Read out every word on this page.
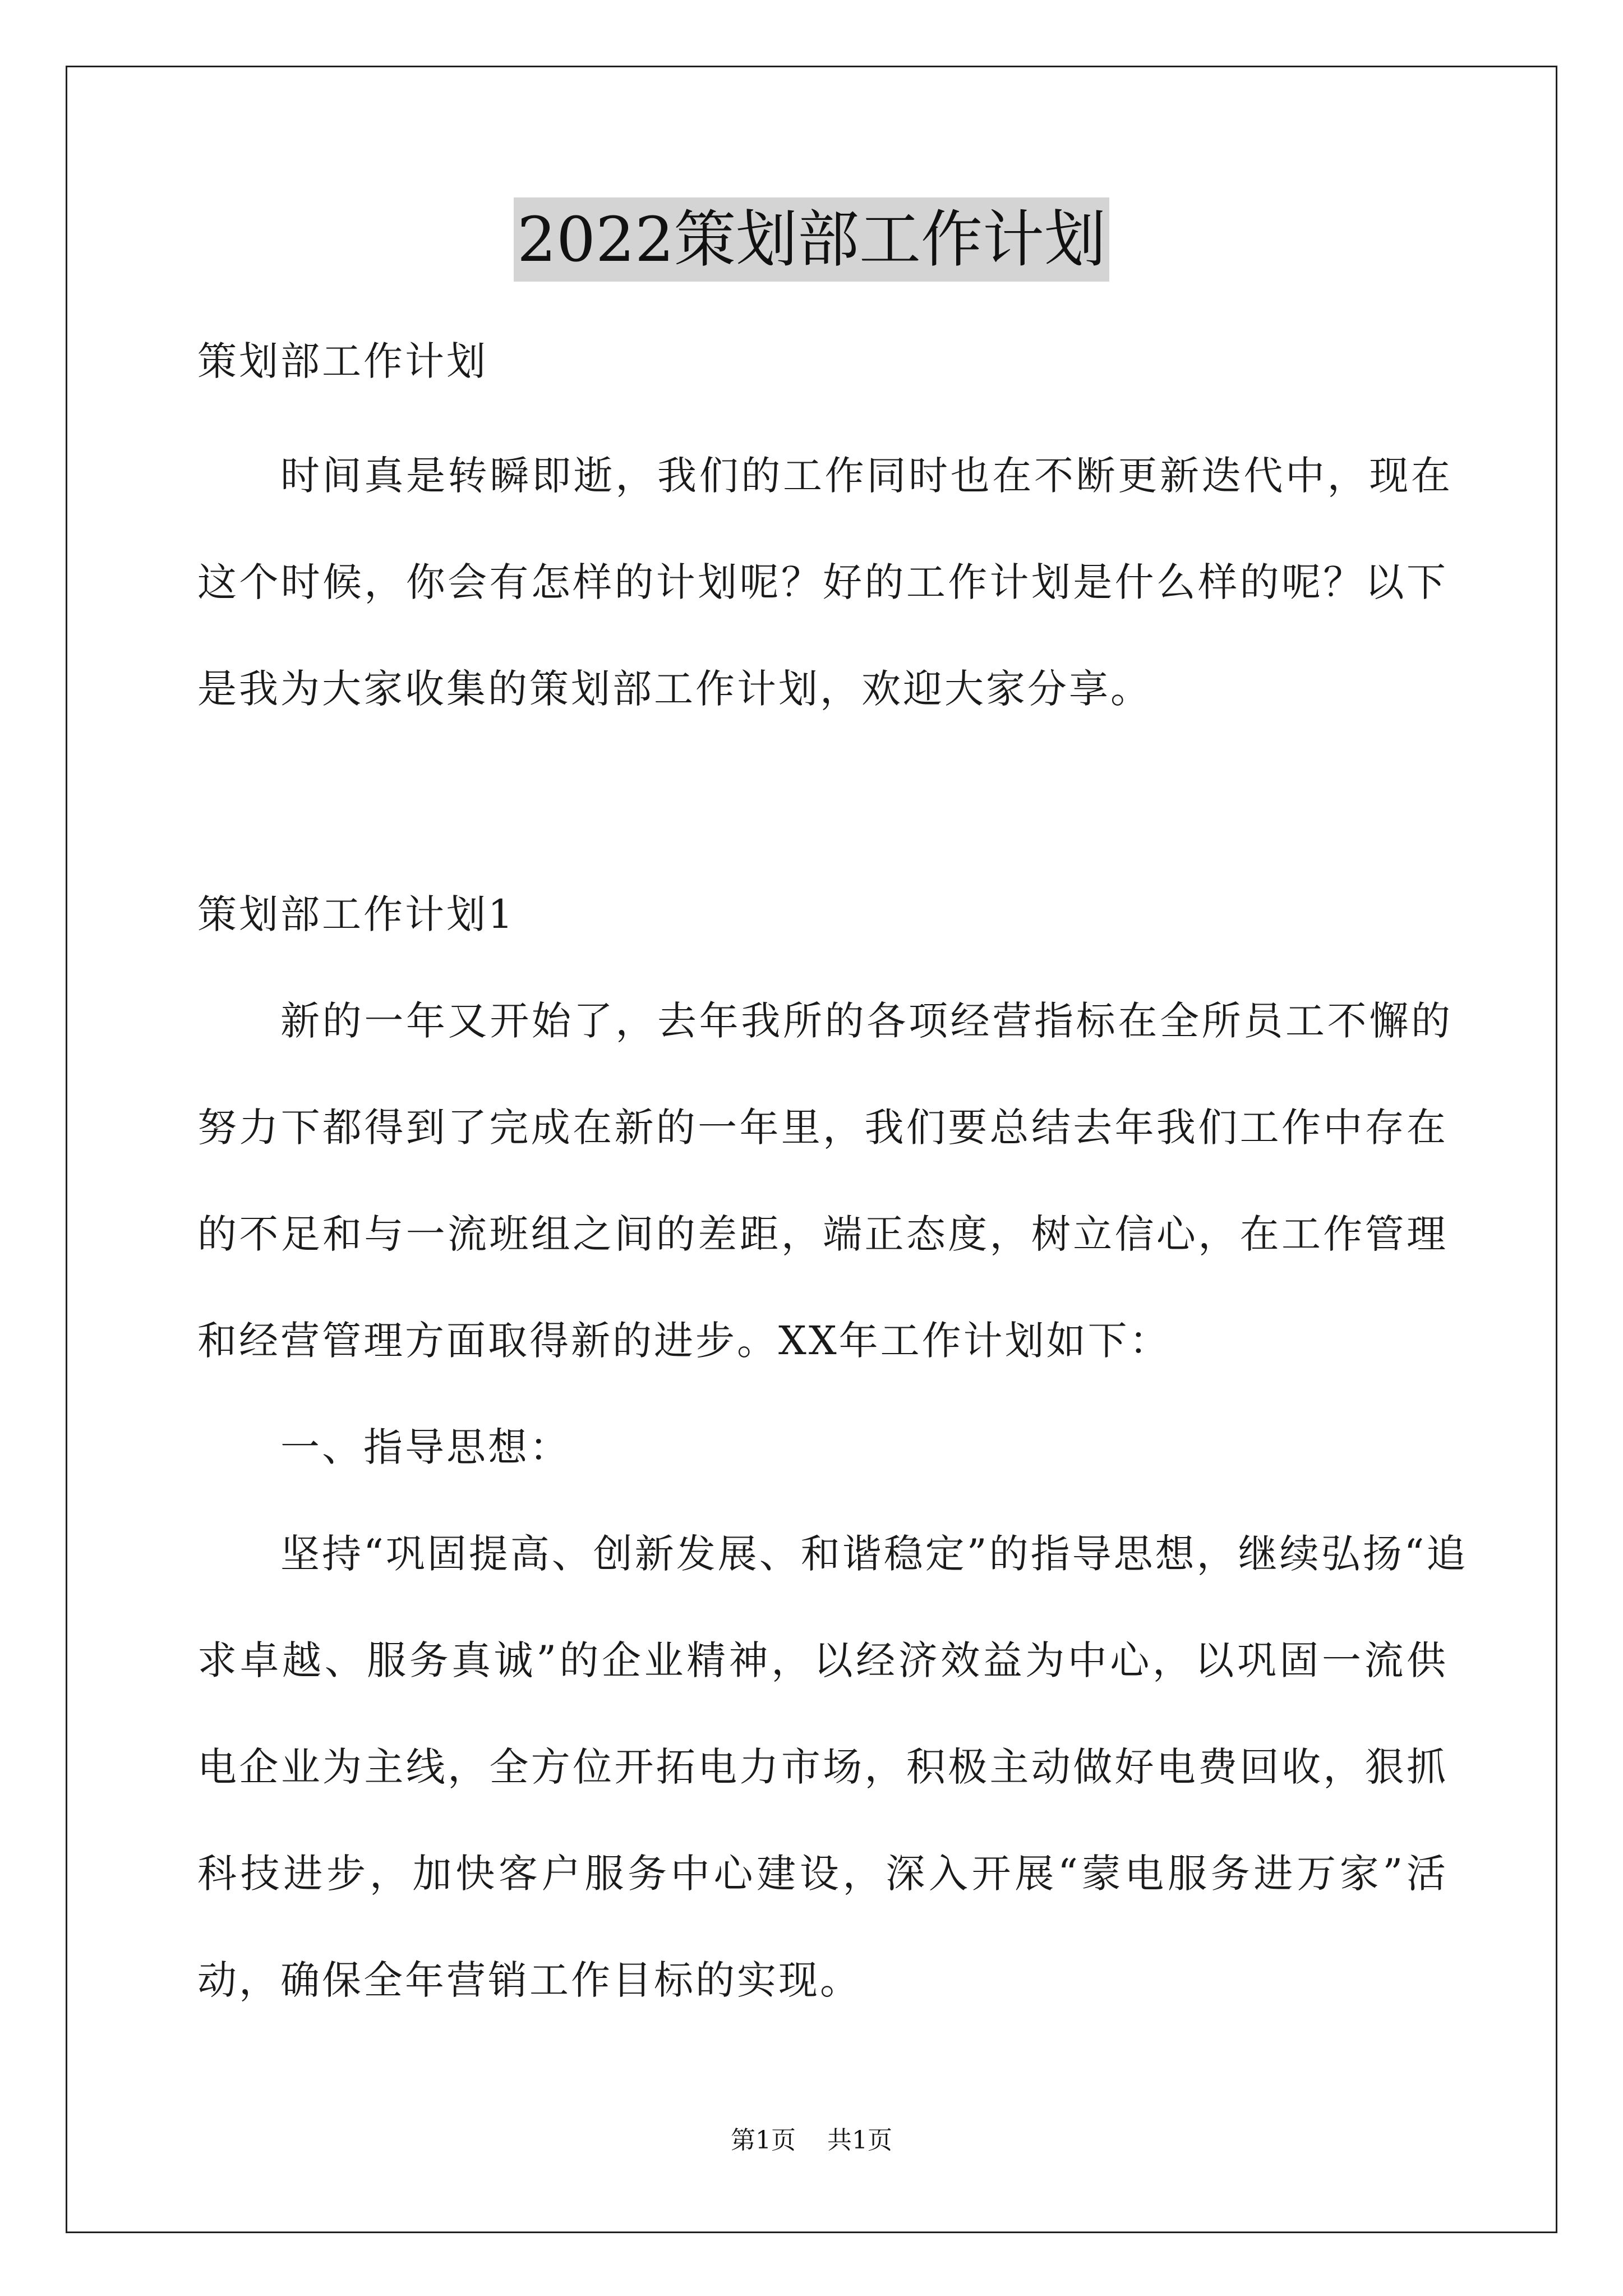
2022策划部工作计划
策划部工作计划
时间真是转瞬即逝，我们的工作同时也在不断更新迭代中，现在
这个时候，你会有怎样的计划呢？好的工作计划是什么样的呢？以下
是我为大家收集的策划部工作计划，欢迎大家分享。
策划部工作计划1
新的一年又开始了，去年我所的各项经营指标在全所员工不懈的
努力下都得到了完成在新的一年里，我们要总结去年我们工作中存在
的不足和与一流班组之间的差距，端正态度，树立信心，在工作管理
和经营管理方面取得新的进步。XX年工作计划如下：
一、指导思想：
坚持“巩固提高、创新发展、和谐稳定”的指导思想，继续弘扬“追
求卓越、服务真诚”的企业精神，以经济效益为中心，以巩固一流供
电企业为主线，全方位开拓电力市场，积极主动做好电费回收，狠抓
科技进步，加快客户服务中心建设，深入开展“蒙电服务进万家”活
动，确保全年营销工作目标的实现。
第1页 共1页
